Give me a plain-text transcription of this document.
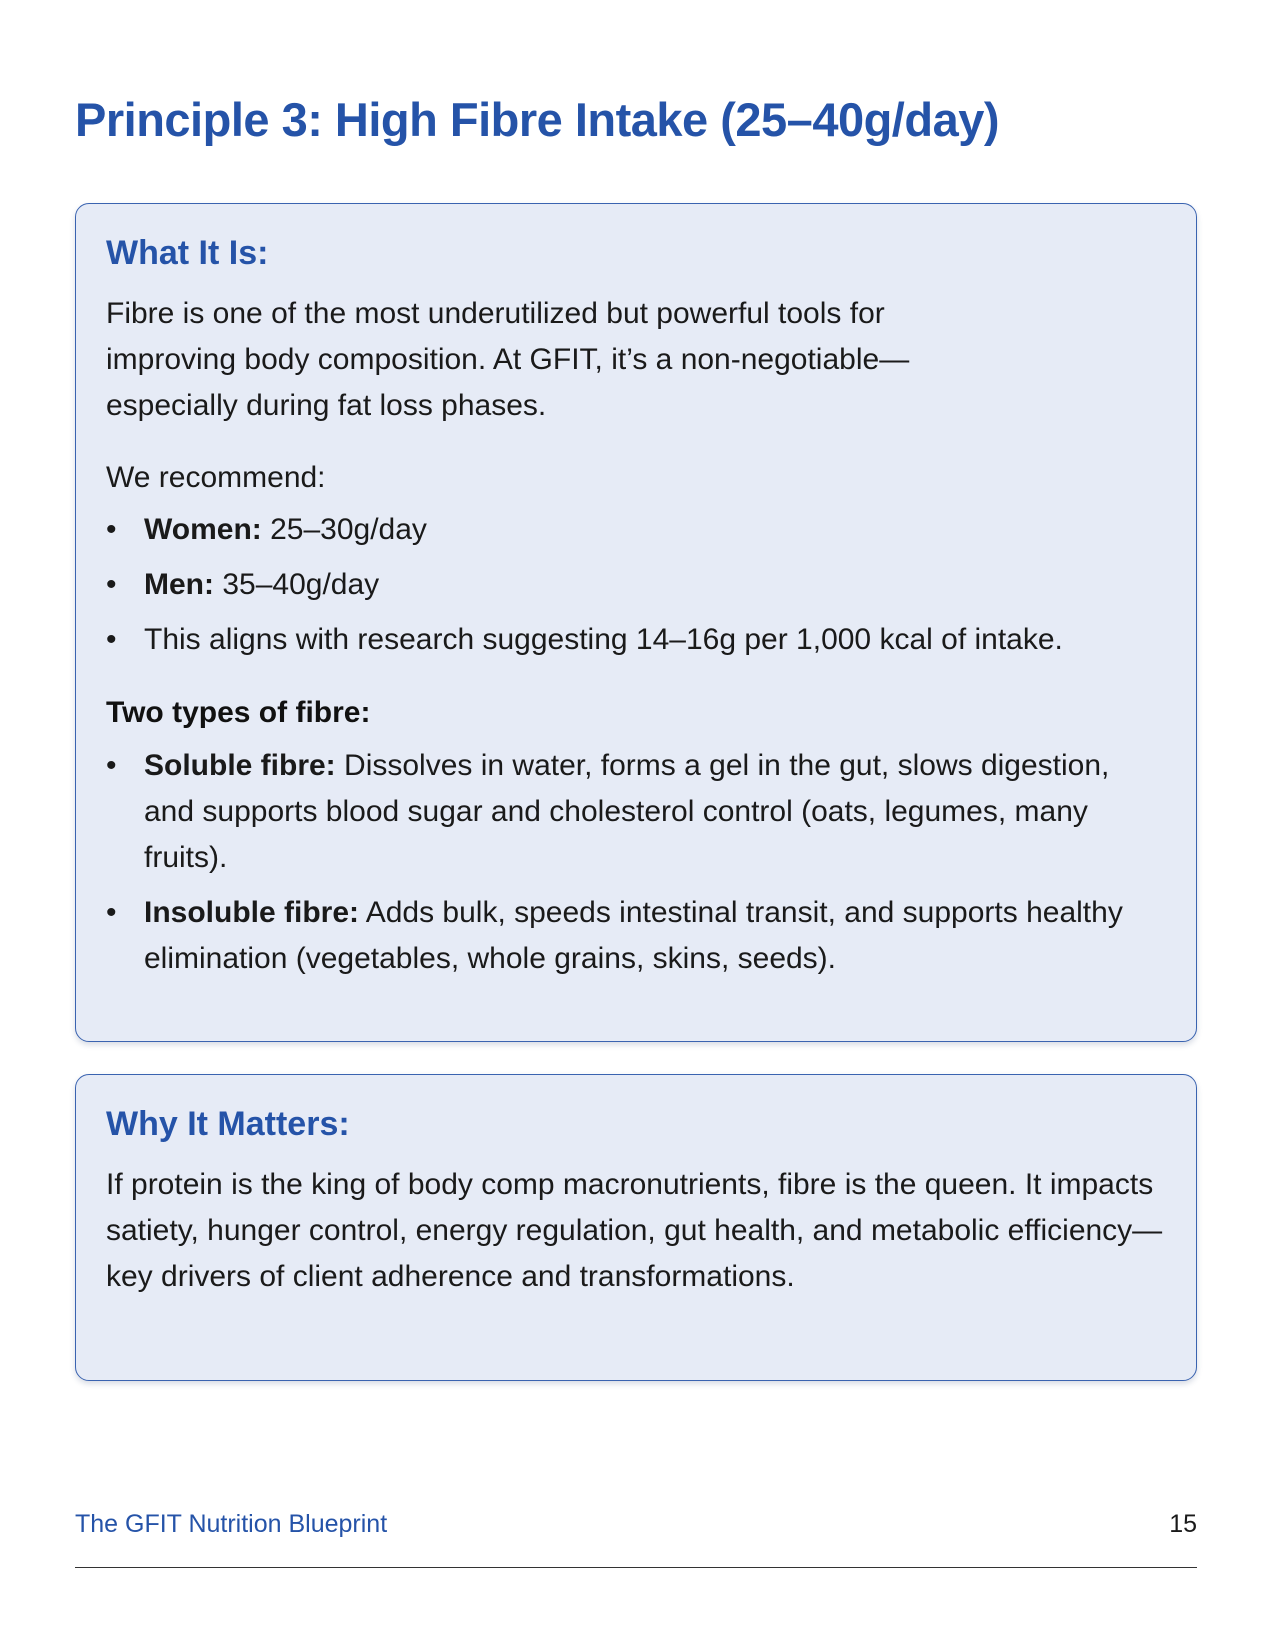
Principle 3: High Fibre Intake (25–40g/day)
What It Is:

Fibre is one of the most underutilized but powerful tools for improving body composition. At GFIT, it’s a non-negotiable—especially during fat loss phases.

We recommend:

• Women: 25–30g/day
• Men: 35–40g/day
• This aligns with research suggesting 14–16g per 1,000 kcal of intake.
Two types of fibre:
• Soluble fibre: Dissolves in water, forms a gel in the gut, slows digestion, and supports blood sugar and cholesterol control (oats, legumes, many fruits).
• Insoluble fibre: Adds bulk, speeds intestinal transit, and supports healthy elimination (vegetables, whole grains, skins, seeds).
Why It Matters:

If protein is the king of body comp macronutrients, fibre is the queen. It impacts satiety, hunger control, energy regulation, gut health, and metabolic efficiency—key drivers of client adherence and transformations.

The GFIT Nutrition Blueprint	15
